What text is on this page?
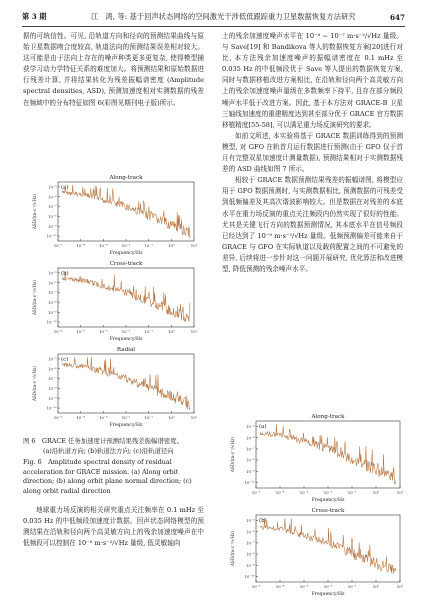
第 3 期	江　鸿, 等: 基于回声状态网络的空间激光干涉低低跟踪重力卫星数据恢复方法研究	647

据的可统信性。可见, 沿轨道方向和径向的预测结果曲线与原始卫星数据吻合度较高, 轨道法向的预测结果误差相对较大。这可能是由于法向上存在的噪声种类更多更复杂, 使得模型捕获学习动力学特征关系的难度加大。将预测结果和原始数据进行残差计算, 并将结果转化为残差振幅谱密度 (Amplitude spectral densities, ASD), 预测加速度相对实测数据的残差在频域中的分布特征如图 6(彩图见期刊电子版)所示。

上的残余加速度噪声水平在 10⁻⁸ ~ 10⁻⁷ m·s⁻²/√Hz 量级。与 Save[19] 和 Bandikova 等人的数据恢复方案[20]进行对比, 本方法残余加速度噪声的振幅谱密度在 0.1 mHz 至 0.035 Hz 的中低频段优于 Save 等人提出的数据恢复方案, 同时与数据移植改进方案相比, 在沿轨和径向两个高灵敏方向上的残余加速度噪声量级在多数频率下持平, 且存在部分频段噪声水平低于改进方案。因此, 基于本方法对 GRACE-B 卫星三轴线加速度的重建精度达到甚至部分优于 GRACE 官方数据移植精度[55-58], 可以满足重力场反演研究的要求。

如前文所述, 本实验将基于 GRACE 数据训练得到的预测模型, 对 GFO 在轨首月运行数据进行预测(由于 GFO 仅于首月有完整双星加速度计测量数据), 预测结果相对于实测数据残差的 ASD 曲线如图 7 所示。

相较于 GRACE 数据预测结果残差的振幅谱图, 将模型应用于 GFO 数据预测时, 与实测数据相比, 预测数据的可残差受到低频偏差及其高次谐波影响较大。但是数据在对残差的本底水平在重力场反演的重点关注频段内仍然实现了很好的性能。尤其是关键飞行方向的数据预测情况, 其本底水平在信号频段已经达到了 10⁻⁹ m·s⁻²/√Hz 量级。低频预测偏差可能来自于 GRACE 与 GFO 在实际轨道以及载荷配置之间的不可避免的差异, 后续将进一步针对这一问题开展研究, 优化算法和改进模型, 降低预测的残余噪声水平。

Along-track
(a)
10⁻⁵
10⁻⁶
10⁻⁷
10⁻⁸
10⁻⁹
10⁻¹⁰
10⁻⁵	10⁻⁴	10⁻³	10⁻²	10⁻¹	10⁰	10¹
Frequency/Hz
ASD/(m·s⁻²/√Hz)
Cross-track
(b)
10⁻⁵
10⁻⁶
10⁻⁷
10⁻⁸
10⁻⁹
10⁻¹⁰
10⁻⁵	10⁻⁴	10⁻³	10⁻²	10⁻¹	10⁰	10¹
Frequency/Hz
ASD/(m·s⁻²/√Hz)
Radial
(c)
10⁻⁵
10⁻⁶
10⁻⁷
10⁻⁸
10⁻⁹
10⁻¹⁰
10⁻⁵	10⁻⁴	10⁻³	10⁻²	10⁻¹	10⁰	10¹
Frequency/Hz
ASD/(m·s⁻²/√Hz)
图 6　GRACE 任务加速度计预测结果残差振幅谱密度。
(a)沿轨道方向; (b)轨道法方向; (c)沿轨道径向
Fig. 6　Amplitude spectral density of residual acceleration for GRACE mission. (a) Along orbit direction; (b) along orbit plane normal direction; (c) along orbit radial direction

地球重力场反演的相关研究重点关注频率在 0.1 mHz 至 0.035 Hz 的中低频段加速度计数据。回声状态网络模型的预测结果在沿轨和径向两个高灵敏方向上的残余加速度噪声在中低频段可以控制在 10⁻⁸ m·s⁻²/√Hz 量级, 低灵敏轴向

Along-track
(a)
10⁻⁵
10⁻⁶
10⁻⁷
10⁻⁸
10⁻⁹
10⁻¹⁰
10⁻⁵	10⁻⁴	10⁻³	10⁻²	10⁻¹	10⁰	10¹
Frequency/Hz
ASD/(m·s⁻²/√Hz)
Cross-track
(b)
10⁻⁵
10⁻⁶
10⁻⁷
10⁻⁸
10⁻⁹
10⁻¹⁰
10⁻⁵	10⁻⁴	10⁻³	10⁻²	10⁻¹	10⁰	10¹
Frequency/Hz
ASD/(m·s⁻²/√Hz)
